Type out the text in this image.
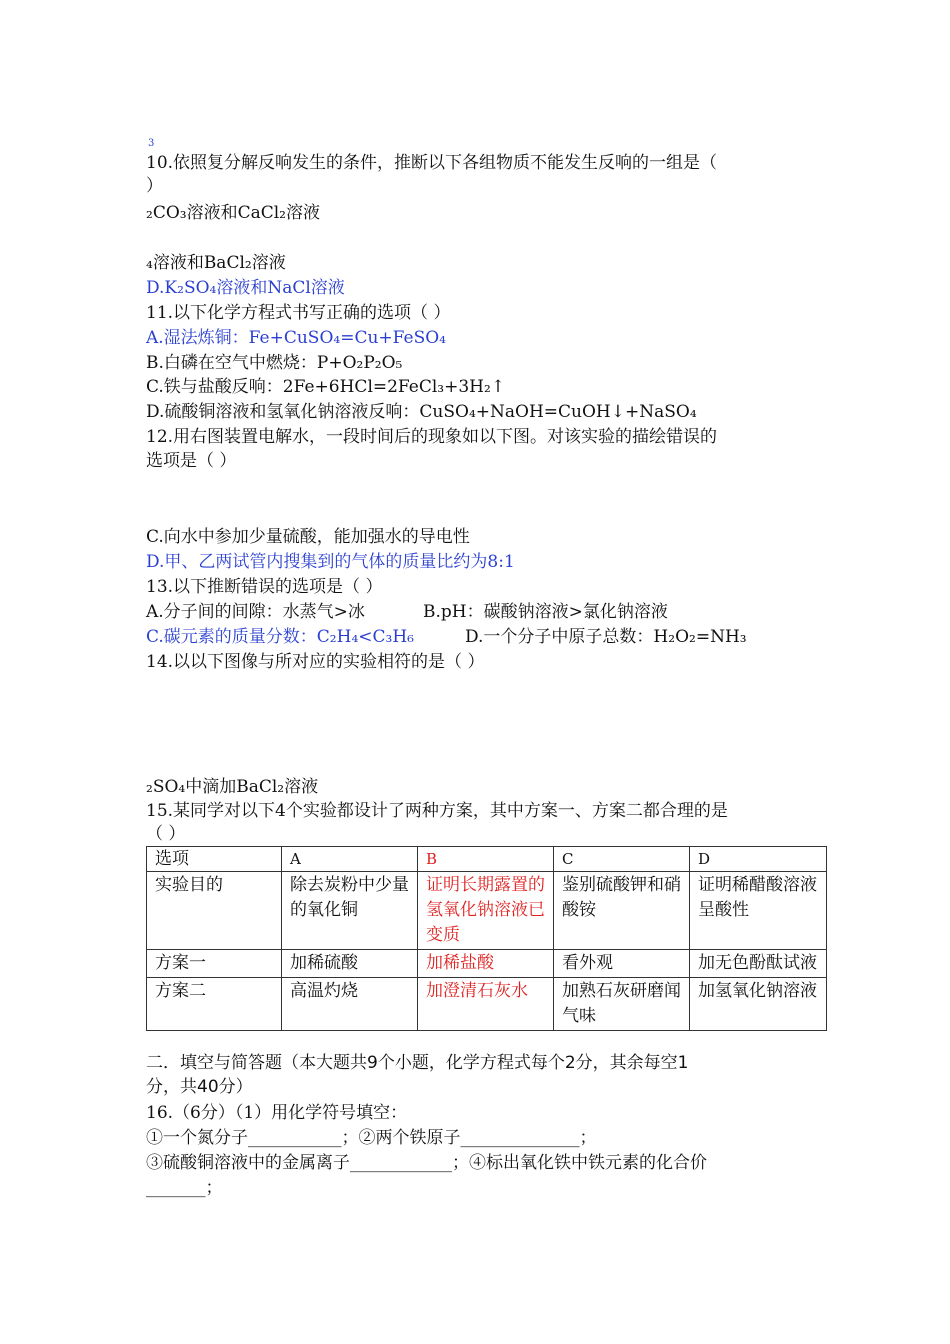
3
10.依照复分解反响发生的条件，推断以下各组物质不能发生反响的一组是（
）
₂CO₃溶液和CaCl₂溶液
₄溶液和BaCl₂溶液
D.K₂SO₄溶液和NaCl溶液
11.以下化学方程式书写正确的选项（ ）
A.湿法炼铜：Fe+CuSO₄=Cu+FeSO₄
B.白磷在空气中燃烧：P+O₂P₂O₅
C.铁与盐酸反响：2Fe+6HCl=2FeCl₃+3H₂↑
D.硫酸铜溶液和氢氧化钠溶液反响：CuSO₄+NaOH=CuOH↓+NaSO₄
12.用右图装置电解水，一段时间后的现象如以下图。对该实验的描绘错误的
选项是（ ）
C.向水中参加少量硫酸，能加强水的导电性
D.甲、乙两试管内搜集到的气体的质量比约为8:1
13.以下推断错误的选项是（ ）
A.分子间的间隙：水蒸气>冰	B.pH：碳酸钠溶液>氯化钠溶液
C.碳元素的质量分数：C₂H₄<C₃H₆	D.一个分子中原子总数：H₂O₂=NH₃
14.以以下图像与所对应的实验相符的是（ ）
₂SO₄中滴加BaCl₂溶液
15.某同学对以下4个实验都设计了两种方案，其中方案一、方案二都合理的是
（ ）
选项	A	B	C	D
实验目的	除去炭粉中少量的氧化铜	证明长期露置的氢氧化钠溶液已变质	鉴别硫酸钾和硝酸铵	证明稀醋酸溶液呈酸性
方案一	加稀硫酸	加稀盐酸	看外观	加无色酚酞试液
方案二	高温灼烧	加澄清石灰水	加熟石灰研磨闻气味	加氢氧化钠溶液
二．填空与简答题（本大题共9个小题，化学方程式每个2分，其余每空1
分，共40分）
16.（6分）（1）用化学符号填空：
①一个氮分子___________；②两个铁原子______________；
③硫酸铜溶液中的金属离子____________；④标出氧化铁中铁元素的化合价
_______；
